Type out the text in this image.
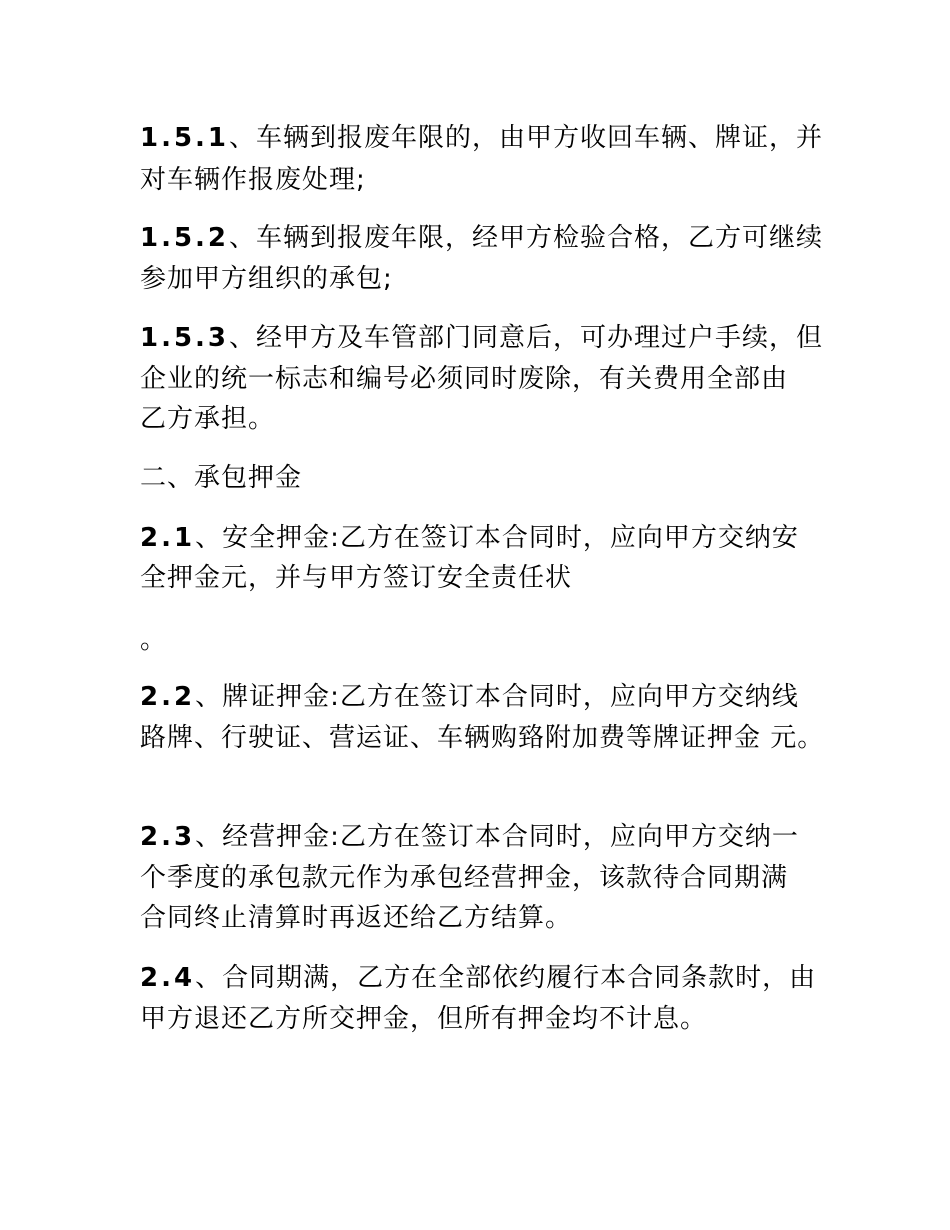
1.5.1、车辆到报废年限的，由甲方收回车辆、牌证，并
对车辆作报废处理;
1.5.2、车辆到报废年限，经甲方检验合格，乙方可继续
参加甲方组织的承包;
1.5.3、经甲方及车管部门同意后，可办理过户手续，但
企业的统一标志和编号必须同时废除，有关费用全部由
乙方承担。
二、承包押金
2.1、安全押金:乙方在签订本合同时，应向甲方交纳安
全押金元，并与甲方签订安全责任状
。
2.2、牌证押金:乙方在签订本合同时，应向甲方交纳线
路牌、行驶证、营运证、车辆购臵附加费等牌证押金 元。
2.3、经营押金:乙方在签订本合同时，应向甲方交纳一
个季度的承包款元作为承包经营押金，该款待合同期满
合同终止清算时再返还给乙方结算。
2.4、合同期满，乙方在全部依约履行本合同条款时，由
甲方退还乙方所交押金，但所有押金均不计息。
